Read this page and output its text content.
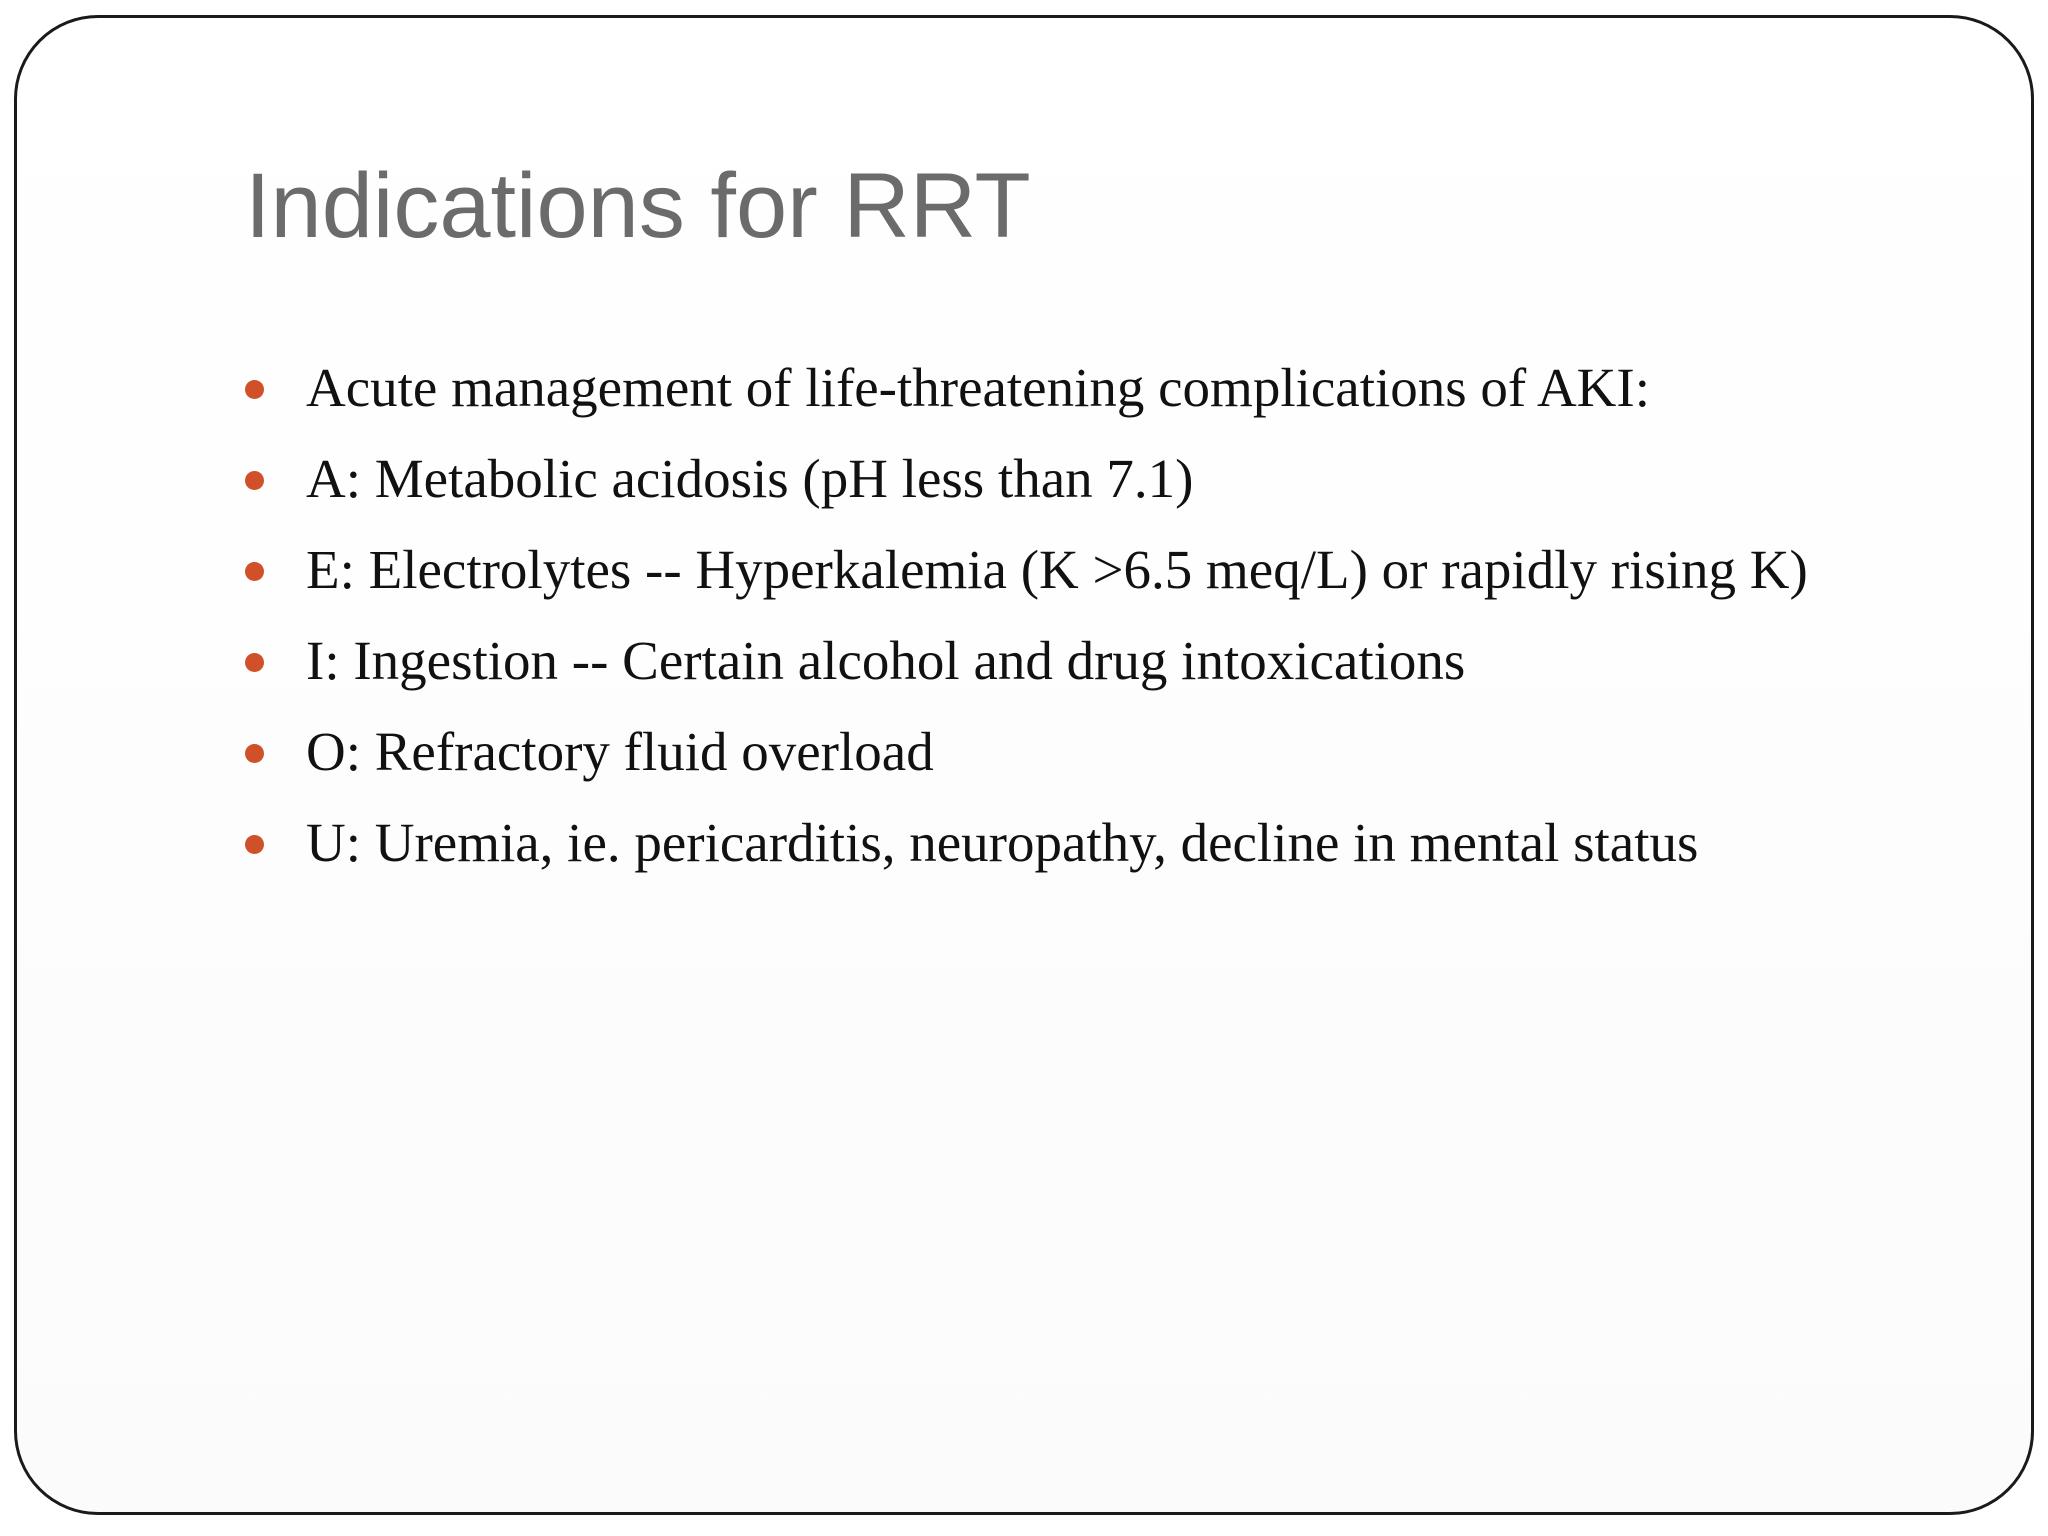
Indications for RRT
Acute management of life-threatening complications of AKI:
A: Metabolic acidosis (pH less than 7.1)
E: Electrolytes -- Hyperkalemia (K >6.5 meq/L) or rapidly rising K)
I: Ingestion -- Certain alcohol and drug intoxications
O: Refractory fluid overload
U: Uremia, ie. pericarditis, neuropathy, decline in mental status
